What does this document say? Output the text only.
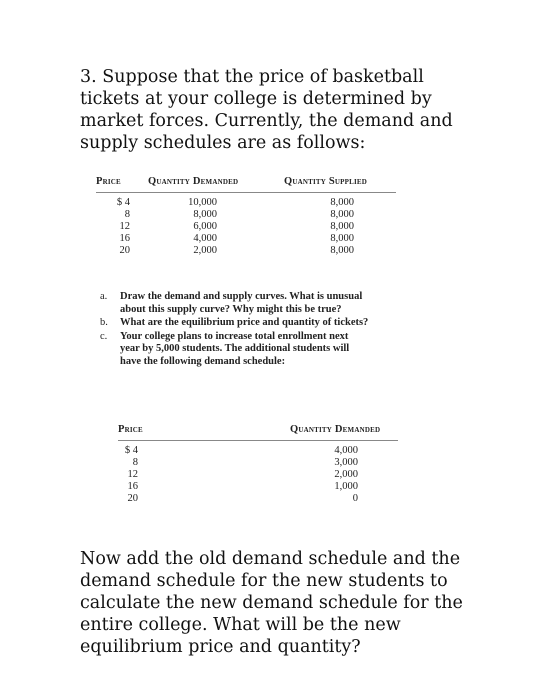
3. Suppose that the price of basketball tickets at your college is determined by market forces. Currently, the demand and supply schedules are as follows:

Price	Quantity Demanded	Quantity Supplied
$ 4	10,000	8,000
8	8,000	8,000
12	6,000	8,000
16	4,000	8,000
20	2,000	8,000
a. Draw the demand and supply curves. What is unusual about this supply curve? Why might this be true?
b. What are the equilibrium price and quantity of tickets?
c. Your college plans to increase total enrollment next year by 5,000 students. The additional students will have the following demand schedule:
Price	Quantity Demanded
$ 4	4,000
8	3,000
12	2,000
16	1,000
20	0

Now add the old demand schedule and the demand schedule for the new students to calculate the new demand schedule for the entire college. What will be the new equilibrium price and quantity?
